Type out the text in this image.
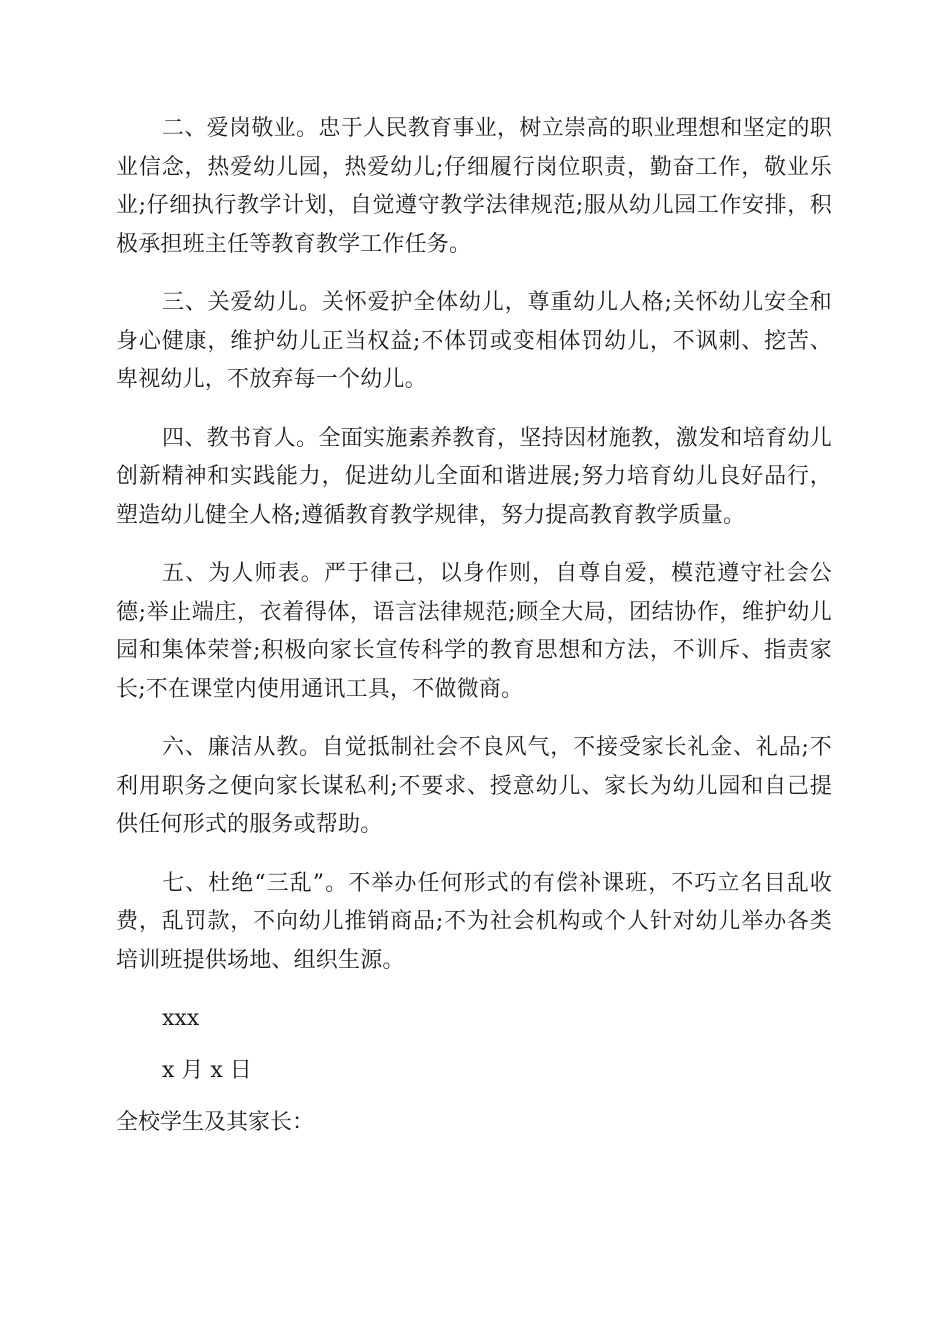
二、爱岗敬业。忠于人民教育事业，树立崇高的职业理想和坚定的职业信念，热爱幼儿园，热爱幼儿;仔细履行岗位职责，勤奋工作，敬业乐业;仔细执行教学计划，自觉遵守教学法律规范;服从幼儿园工作安排，积极承担班主任等教育教学工作任务。

三、关爱幼儿。关怀爱护全体幼儿，尊重幼儿人格;关怀幼儿安全和身心健康，维护幼儿正当权益;不体罚或变相体罚幼儿，不讽刺、挖苦、卑视幼儿，不放弃每一个幼儿。

四、教书育人。全面实施素养教育，坚持因材施教，激发和培育幼儿创新精神和实践能力，促进幼儿全面和谐进展;努力培育幼儿良好品行，塑造幼儿健全人格;遵循教育教学规律，努力提高教育教学质量。

五、为人师表。严于律己，以身作则，自尊自爱，模范遵守社会公德;举止端庄，衣着得体，语言法律规范;顾全大局，团结协作，维护幼儿园和集体荣誉;积极向家长宣传科学的教育思想和方法，不训斥、指责家长;不在课堂内使用通讯工具，不做微商。

六、廉洁从教。自觉抵制社会不良风气，不接受家长礼金、礼品;不利用职务之便向家长谋私利;不要求、授意幼儿、家长为幼儿园和自己提供任何形式的服务或帮助。

七、杜绝“三乱”。不举办任何形式的有偿补课班，不巧立名目乱收费，乱罚款，不向幼儿推销商品;不为社会机构或个人针对幼儿举办各类培训班提供场地、组织生源。

xxx

x 月 x 日

全校学生及其家长：
